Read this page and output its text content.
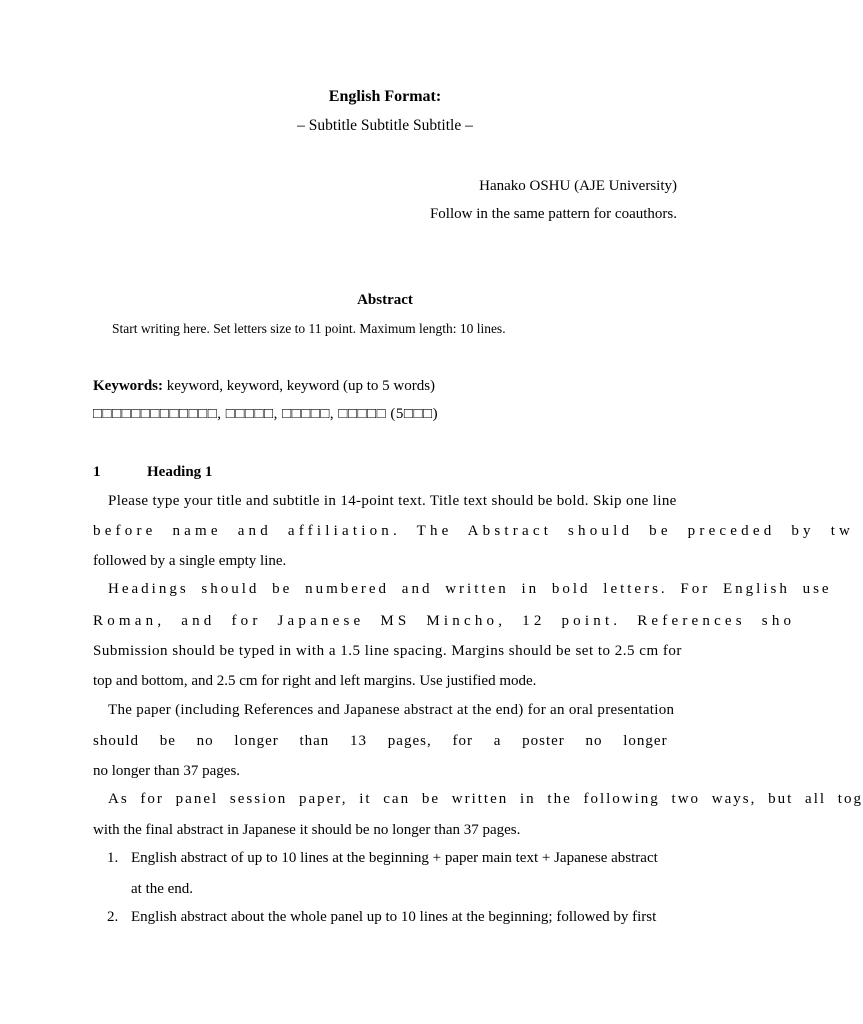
English Format:
– Subtitle Subtitle Subtitle –
Hanako OSHU (AJE University)
Follow in the same pattern for coauthors.
Abstract
Start writing here. Set letters size to 11 point. Maximum length: 10 lines.
Keywords: keyword, keyword, keyword (up to 5 words)
□□□□□□□□□□□□□, □□□□□, □□□□□, □□□□□ (5□□□)
1	Heading 1
Please type your title and subtitle in 14-point text. Title text should be bold. Skip one line
before name and affiliation. The Abstract should be preceded by tw
followed by a single empty line.
Headings should be numbered and written in bold letters. For English use
Roman, and for Japanese MS Mincho, 12 point. References sho
Submission should be typed in with a 1.5 line spacing. Margins should be set to 2.5 cm for
top and bottom, and 2.5 cm for right and left margins. Use justified mode.
The paper (including References and Japanese abstract at the end) for an oral presentation
should be no longer than 13 pages, for a poster no longer
no longer than 37 pages.
As for panel session paper, it can be written in the following two ways, but all tog
with the final abstract in Japanese it should be no longer than 37 pages.
1. English abstract of up to 10 lines at the beginning + paper main text + Japanese abstract
at the end.
2. English abstract about the whole panel up to 10 lines at the beginning; followed by first
